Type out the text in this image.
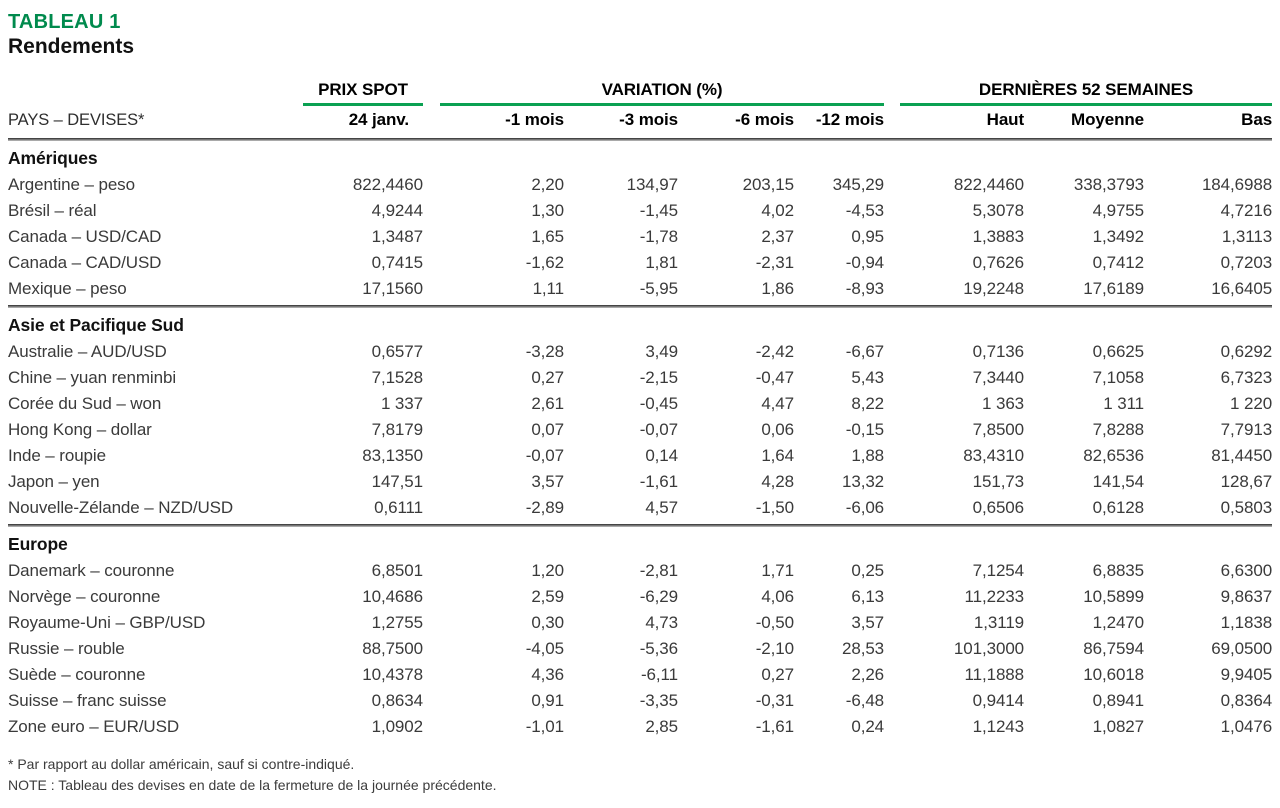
TABLEAU 1
Rendements
	PRIX SPOT		VARIATION (%)					DERNIÈRES 52 SEMAINES		
PAYS – DEVISES*	24 janv.		-1 mois	-3 mois	-6 mois	-12 mois		Haut	Moyenne	Bas

Amériques										
Argentine – peso	822,4460		2,20	134,97	203,15	345,29		822,4460	338,3793	184,6988
Brésil – réal	4,9244		1,30	-1,45	4,02	-4,53		5,3078	4,9755	4,7216
Canada – USD/CAD	1,3487		1,65	-1,78	2,37	0,95		1,3883	1,3492	1,3113
Canada – CAD/USD	0,7415		-1,62	1,81	-2,31	-0,94		0,7626	0,7412	0,7203
Mexique – peso	17,1560		1,11	-5,95	1,86	-8,93		19,2248	17,6189	16,6405

Asie et Pacifique Sud										
Australie – AUD/USD	0,6577		-3,28	3,49	-2,42	-6,67		0,7136	0,6625	0,6292
Chine – yuan renminbi	7,1528		0,27	-2,15	-0,47	5,43		7,3440	7,1058	6,7323
Corée du Sud – won	1 337		2,61	-0,45	4,47	8,22		1 363	1 311	1 220
Hong Kong – dollar	7,8179		0,07	-0,07	0,06	-0,15		7,8500	7,8288	7,7913
Inde – roupie	83,1350		-0,07	0,14	1,64	1,88		83,4310	82,6536	81,4450
Japon – yen	147,51		3,57	-1,61	4,28	13,32		151,73	141,54	128,67
Nouvelle-Zélande – NZD/USD	0,6111		-2,89	4,57	-1,50	-6,06		0,6506	0,6128	0,5803

Europe										
Danemark – couronne	6,8501		1,20	-2,81	1,71	0,25		7,1254	6,8835	6,6300
Norvège – couronne	10,4686		2,59	-6,29	4,06	6,13		11,2233	10,5899	9,8637
Royaume-Uni – GBP/USD	1,2755		0,30	4,73	-0,50	3,57		1,3119	1,2470	1,1838
Russie – rouble	88,7500		-4,05	-5,36	-2,10	28,53		101,3000	86,7594	69,0500
Suède – couronne	10,4378		4,36	-6,11	0,27	2,26		11,1888	10,6018	9,9405
Suisse – franc suisse	0,8634		0,91	-3,35	-0,31	-6,48		0,9414	0,8941	0,8364
Zone euro – EUR/USD	1,0902		-1,01	2,85	-1,61	0,24		1,1243	1,0827	1,0476
* Par rapport au dollar américain, sauf si contre-indiqué.
NOTE : Tableau des devises en date de la fermeture de la journée précédente.
